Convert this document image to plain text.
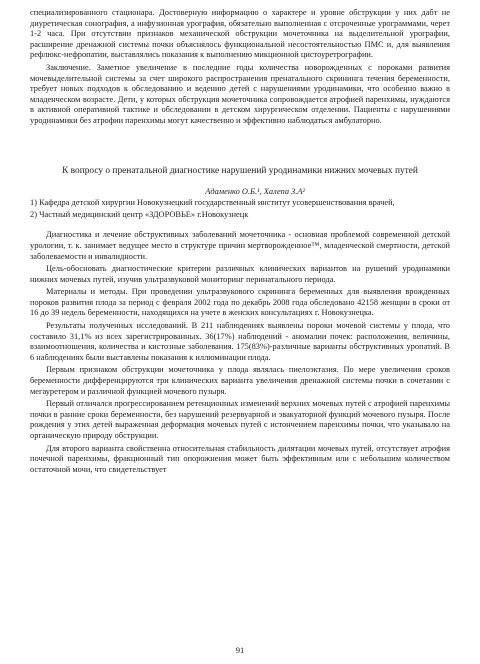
специализированного стационара. Достоверную информацию о характере и уровне обструкции у них дабт не диуретическая сонография, а инфузионная урография, обязательно выполненная с отсроченные урограммами, черет 1-2 часа. При отсутствии признаков механической обструкции мочеточника на выделительной урографии, расширение дренажной системы почки объяснялось функциональной несостоятельностью ПМС и, для выявления рефлюкс-нефропатии, выставлялись показания к выполнению микционной цистоуретрографии.

Заключение. Заметное увеличение в последние годы количества новорожденных с пороками развития мочевыделительной системы за счет широкого распространения пренатального скрининга течения беременности, требует новых подходов к обследованию и ведению детей с нарушениями уродинамики, что особенно важно в младенческом возрасте. Дети, у которых обструкция мочеточника сопровождается атрофией паренхимы, нуждаются в активной оперативной тактике и обследовании в детском хирургическом отделении. Пациенты с нарушениями уродинамики без атрофии паренхимы могут качественно и эффективно наблюдаться амбулаторно.

К вопросу о пренатальной диагностике нарушений уродинамики нижних мочевых путей
Адаменко О.Б.¹, Халепа З.А²

1) Кафедра детской хирургии Новокузнецкий государственный институт усовершенствования врачей,

2) Частный медицинский центр «ЗДОРОВЬЕ» г.Новокузнецк

Диагностика и лечение обструктивных заболеваний мочеточника - основная проблемой современной детской урологии, т. к. занимает ведущее место в структуре причин мертворожденное™, младенческой смертности, детской заболеваемости и инвалидности.

Цель-обосновать диагностические критерии различных клинических вариантов на рушений уродинамики нижних мочевых путей, изучив ультразвуковой мониторинг перинатального периода.

Материалы и методы. При проведении ультразвукового скрининга беременных для выявления врожденных пороков развития плода за период с февраля 2002 года по декабрь 2008 года обследовано 42158 женщин в сроки от 16 до 39 недель беременности, находящихся на учете в женских консультациях г. Новокузнецка.

Результаты полученных исследований. В 211 наблюдениях выявлены пороки мочевой системы у плода, что составило 31,1% из всех зарегистрированных. 36(17%) наблюдений - аномалии почек: расположения, величины, взаимоотношения, количества и кистозные заболевания. 175(83%)-различные варианты обструктивных уропатий. В 6 наблюдениях были выставлены показания к иллюминации плода.

Первым признаком обструкции мочеточника у плода являлась пиелоэктазия. По мере увеличения сроков беременности дифференцируются три клинических варианта увеличения дренажной системы почки в сочетании с мегауретером и различной функцией мочевого пузыря.

Первый отличался прогрессированием ретенционных изменений верхних мочевых путей с атрофией паренхимы почки в ранние сроки беременности, без нарушений резервуарной и эвакуаторной функций мочевого пузыря. После рождения у этих детей выраженная деформация мочевых путей с истончением паренхимы почки, что указывало на органическую природу обструкции.

Для второго варианта свойственна относительная стабильность дилятации мочевых путей, отсутствует атрофия почечной паренхимы, фракционный тип опорожнения может быть эффективным или с небольшим количеством остаточной мочи, что свидетельствует

91
